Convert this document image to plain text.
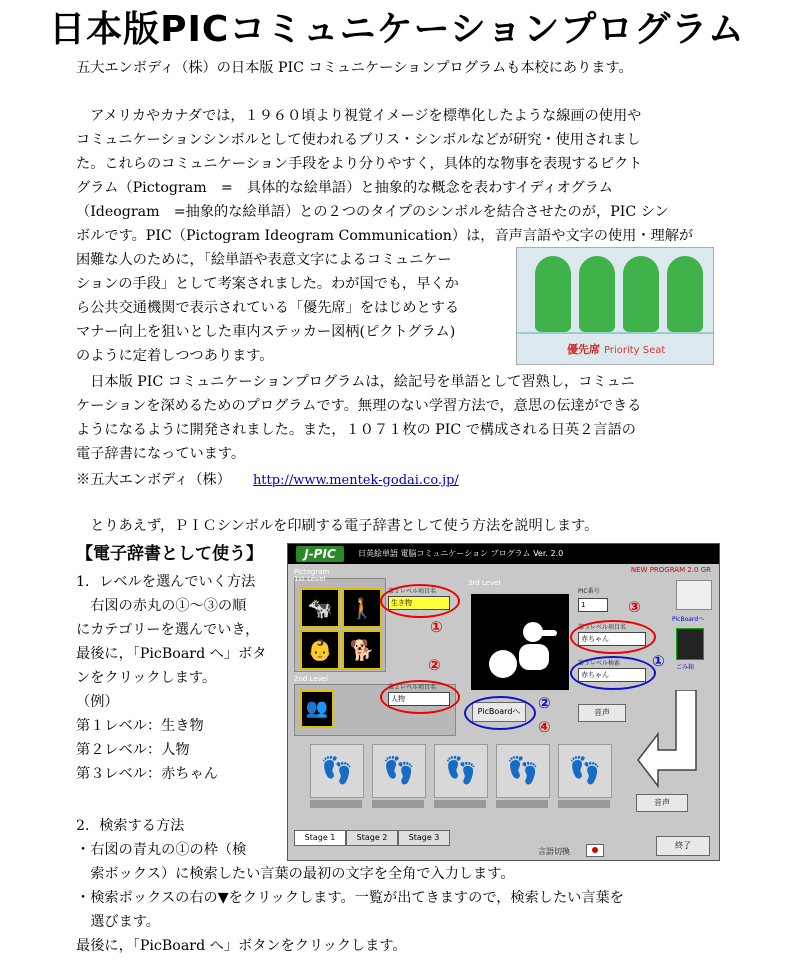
日本版PICコミュニケーションプログラム
五大エンボディ（株）の日本版 PIC コミュニケーションプログラムも本校にあります。
　アメリカやカナダでは，１９６０頃より視覚イメージを標準化したような線画の使用や
コミュニケーションシンボルとして使われるブリス・シンボルなどが研究・使用されまし
た。これらのコミュニケーション手段をより分りやすく，具体的な物事を表現するピクト
グラム（Pictogram　=　具体的な絵単語）と抽象的な概念を表わすイディオグラム
（Ideogram　=抽象的な絵単語）との２つのタイプのシンボルを結合させたのが，PIC シン
ボルです。PIC（Pictogram Ideogram Communication）は，音声言語や文字の使用・理解が
困難な人のために，「絵単語や表意文字によるコミュニケー
ションの手段」として考案されました。わが国でも，早くか
ら公共交通機関で表示されている「優先席」をはじめとする
マナー向上を狙いとした車内ステッカー図柄(ピクトグラム)
のように定着しつつあります。	優先席 Priority Seat
　日本版 PIC コミュニケーションプログラムは，絵記号を単語として習熟し，コミュニ
ケーションを深めるためのプログラムです。無理のない学習方法で，意思の伝達ができる
ようになるように開発されました。また，１０７１枚の PIC で構成される日英２言語の
電子辞書になっています。
※五大エンボディ（株） http://www.mentek-godai.co.jp/
　とりあえず，ＰＩＣシンボルを印刷する電子辞書として使う方法を説明します。
【電子辞書として使う】
1．レベルを選んでいく方法
　右図の赤丸の①～③の順
にカテゴリーを選んでいき，
最後に，「PicBoard へ」ボタ
ンをクリックします。
（例）
第１レベル：生き物
第２レベル：人物
第３レベル：赤ちゃん
2．検索する方法
・右図の青丸の①の枠（検
　索ボックス）に検索したい言葉の最初の文字を全角で入力します。
・検索ボックスの右の▼をクリックします。一覧が出てきますので，検索したい言葉を
　選びます。
最後に，「PicBoard へ」ボタンをクリックします。
J-PIC	日英絵単語 電脳コミュニケーション プログラム Ver. 2.0
NEW PROGRAM 2.0 GR
Pictogram
1st Level
🐄 🚶
👶 🐕
第１レベル項目名
生き物
①
2nd Level
👥
第２レベル項目名
人物
②
3rd Level
PIC番号
1	③
第３レベル項目名
赤ちゃん
第３レベル検索
赤ちゃん
①
PicBoardへ	②
④
音声
PicBoardへ
ごみ箱
👣	👣	👣	👣	👣
音声
Stage 1	Stage 2	Stage 3
言語切換
終了
